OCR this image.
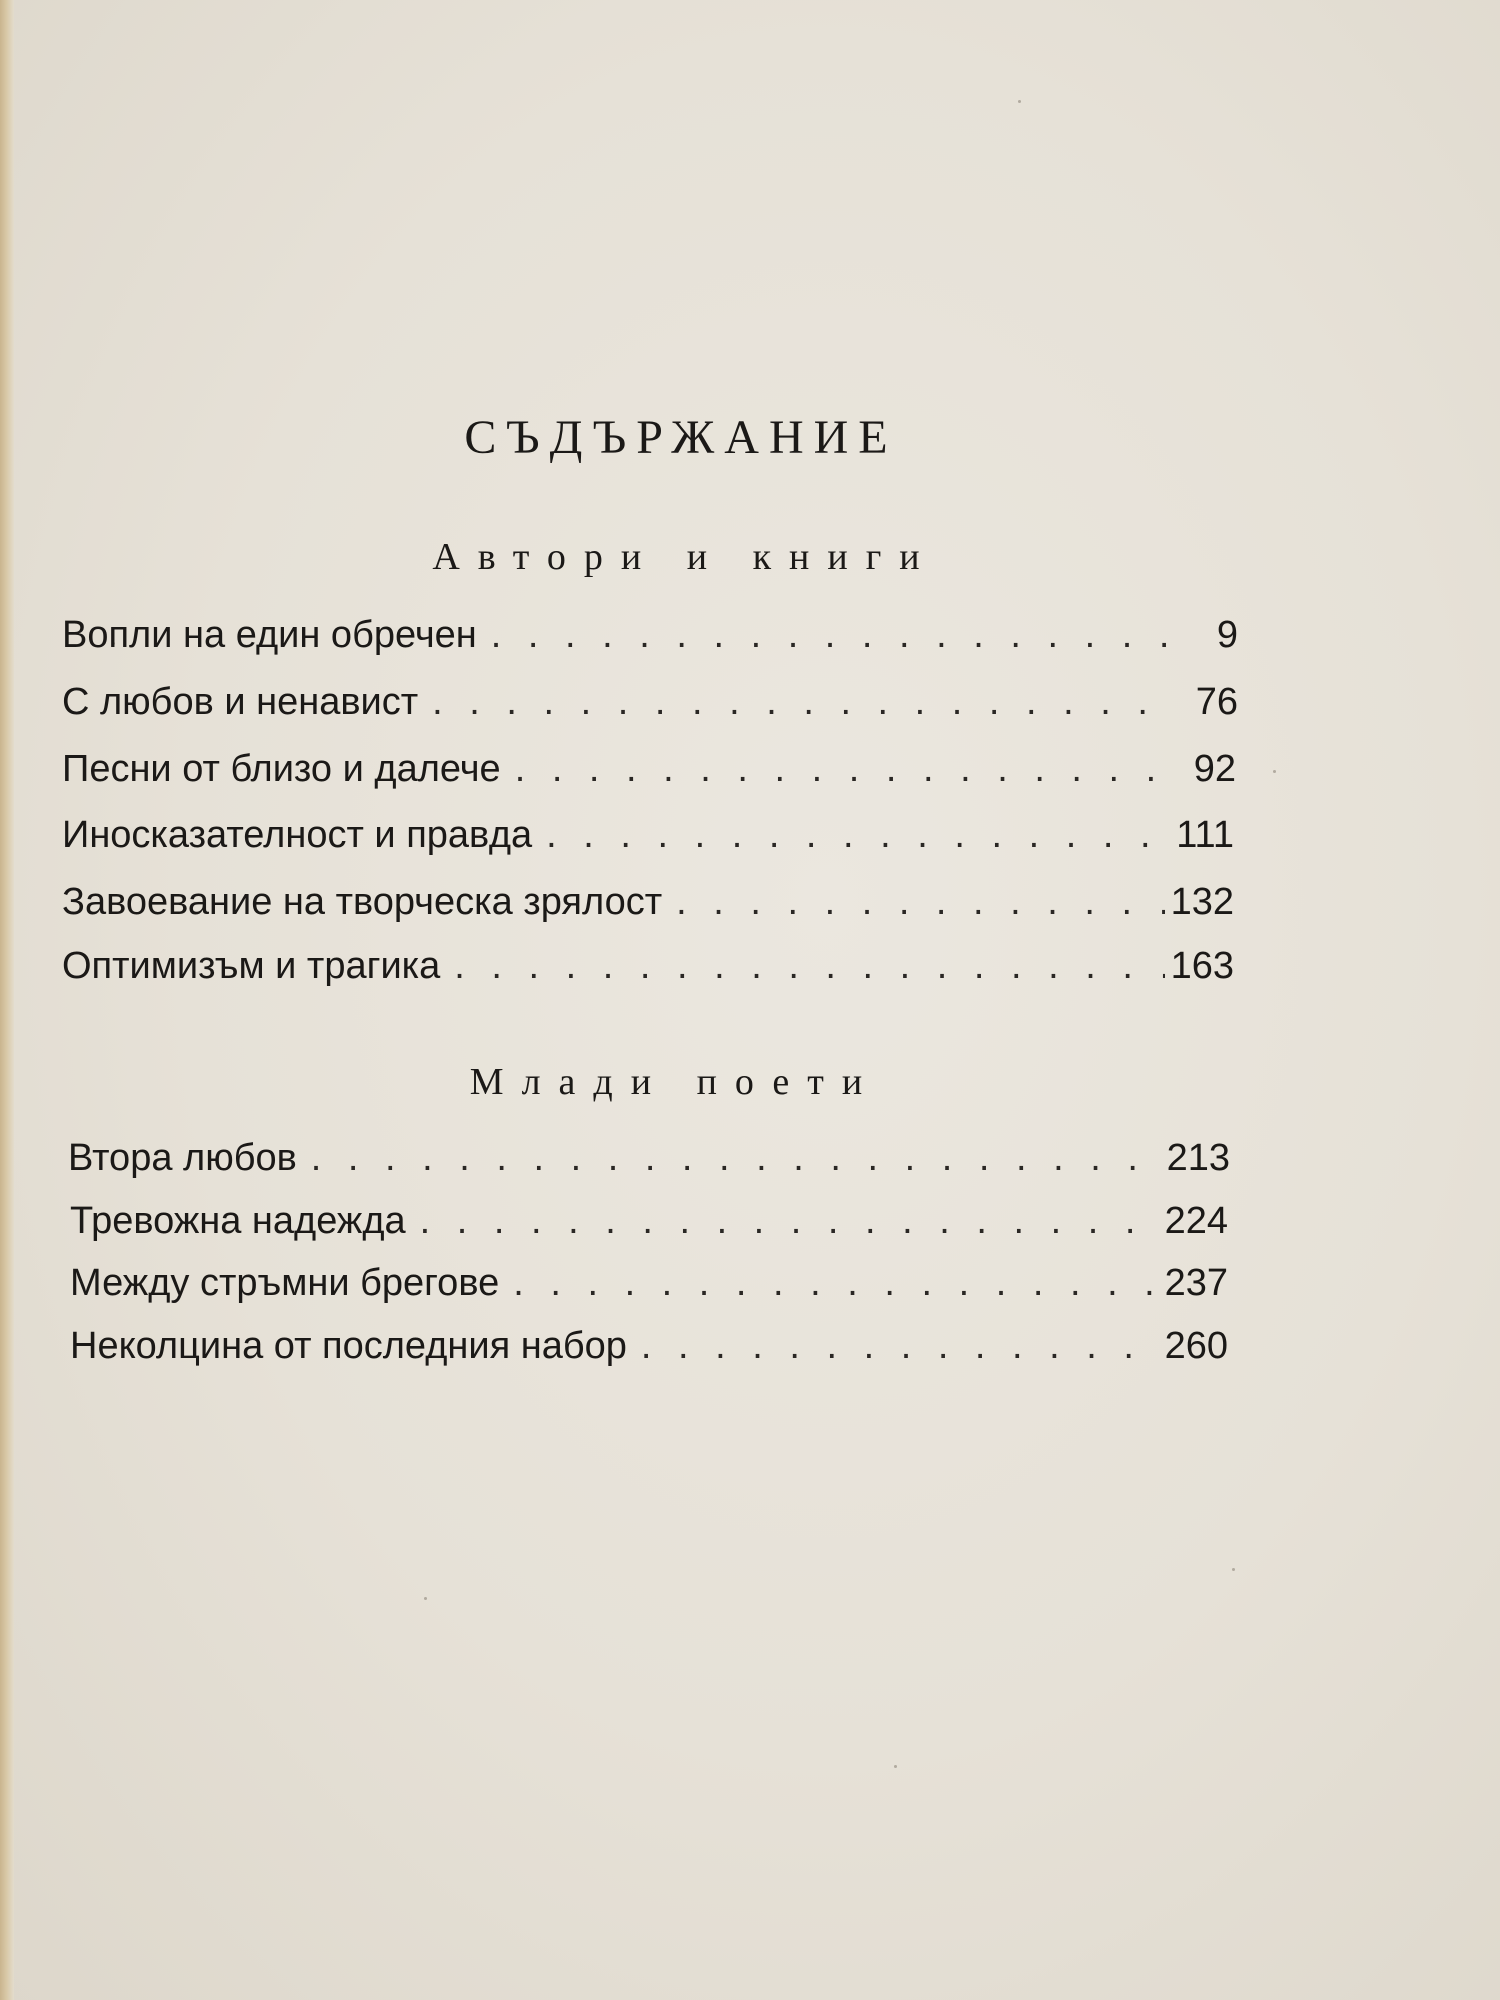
СЪДЪРЖАНИЕ
Автори и книги
Вопли на един обречен . . .	9
С любов и ненавист . . .	76
Песни от близо и далече . . .	92
Иносказателност и правда . . .	111
Завоевание на творческа зрялост . . .	132
Оптимизъм и трагика . . .	163
Млади поети
Втора любов . . .	213
Тревожна надежда . . .	224
Между стръмни брегове . . .	237
Неколцина от последния набор . . .	260
